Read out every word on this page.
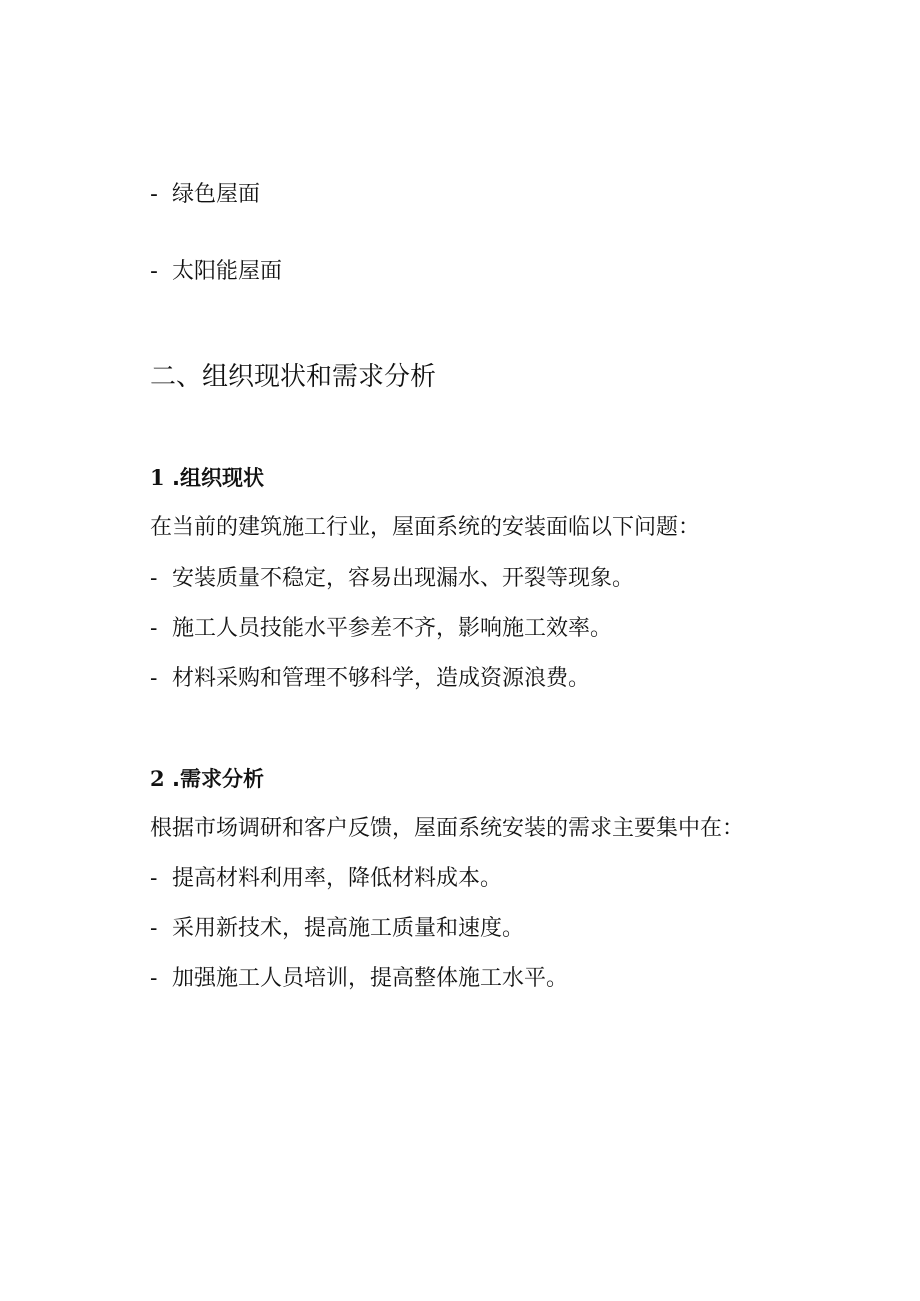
- 绿色屋面
- 太阳能屋面
二、组织现状和需求分析
1 .组织现状
在当前的建筑施工行业，屋面系统的安装面临以下问题：
- 安装质量不稳定，容易出现漏水、开裂等现象。
- 施工人员技能水平参差不齐，影响施工效率。
- 材料采购和管理不够科学，造成资源浪费。
2 .需求分析
根据市场调研和客户反馈，屋面系统安装的需求主要集中在：
- 提高材料利用率，降低材料成本。
- 采用新技术，提高施工质量和速度。
- 加强施工人员培训，提高整体施工水平。
